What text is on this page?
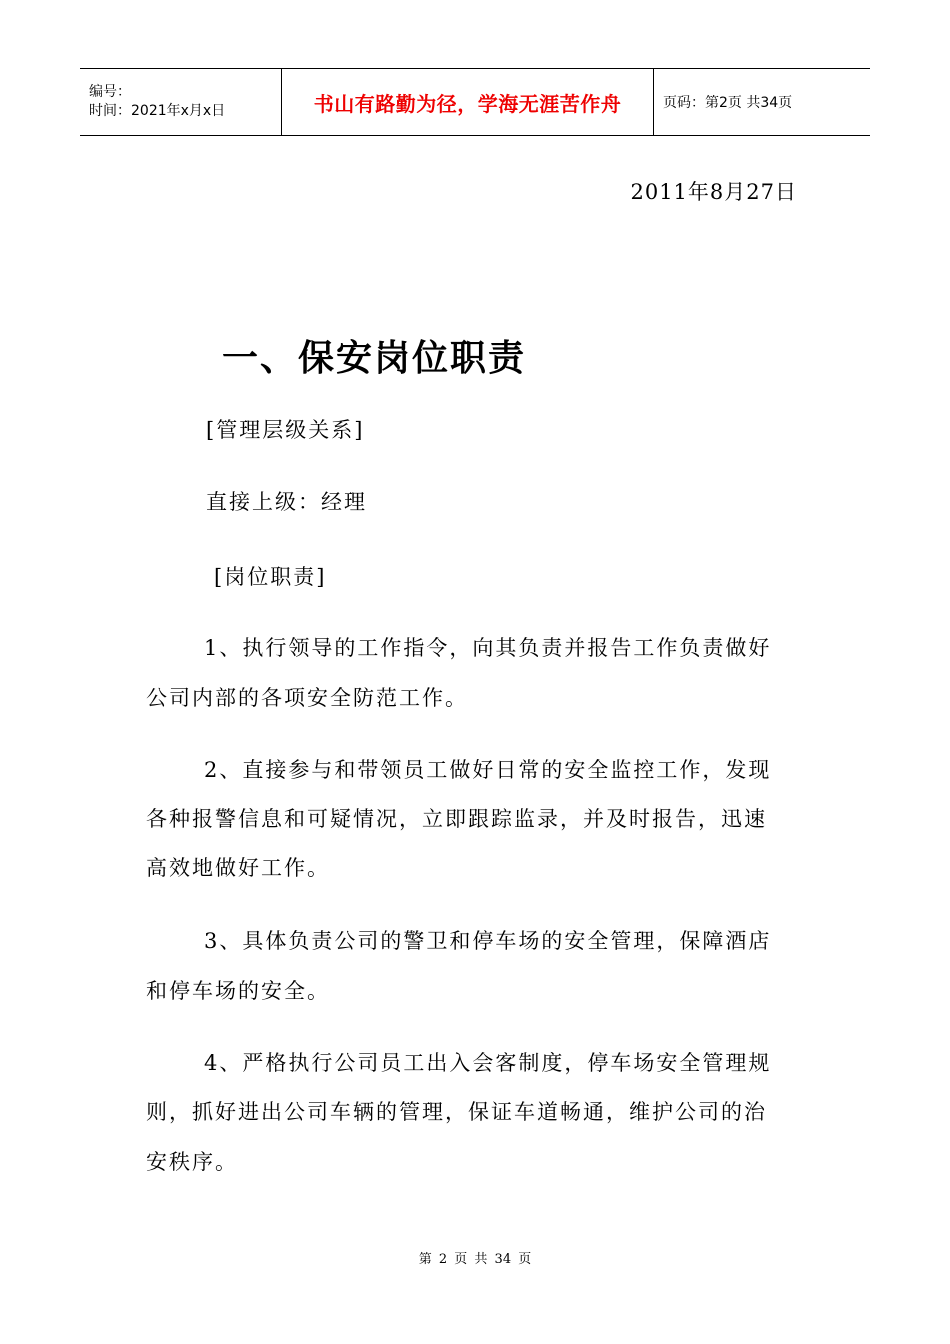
编号：
时间：2021年x月x日	书山有路勤为径，学海无涯苦作舟	页码：第2页 共34页
2011年8月27日
一、保安岗位职责
[管理层级关系]
直接上级：经理
[岗位职责]
1、执行领导的工作指令，向其负责并报告工作负责做好
公司内部的各项安全防范工作。
2、直接参与和带领员工做好日常的安全监控工作，发现
各种报警信息和可疑情况，立即跟踪监录，并及时报告，迅速
高效地做好工作。
3、具体负责公司的警卫和停车场的安全管理，保障酒店
和停车场的安全。
4、严格执行公司员工出入会客制度，停车场安全管理规
则，抓好进出公司车辆的管理，保证车道畅通，维护公司的治
安秩序。
第 2 页 共 34 页
